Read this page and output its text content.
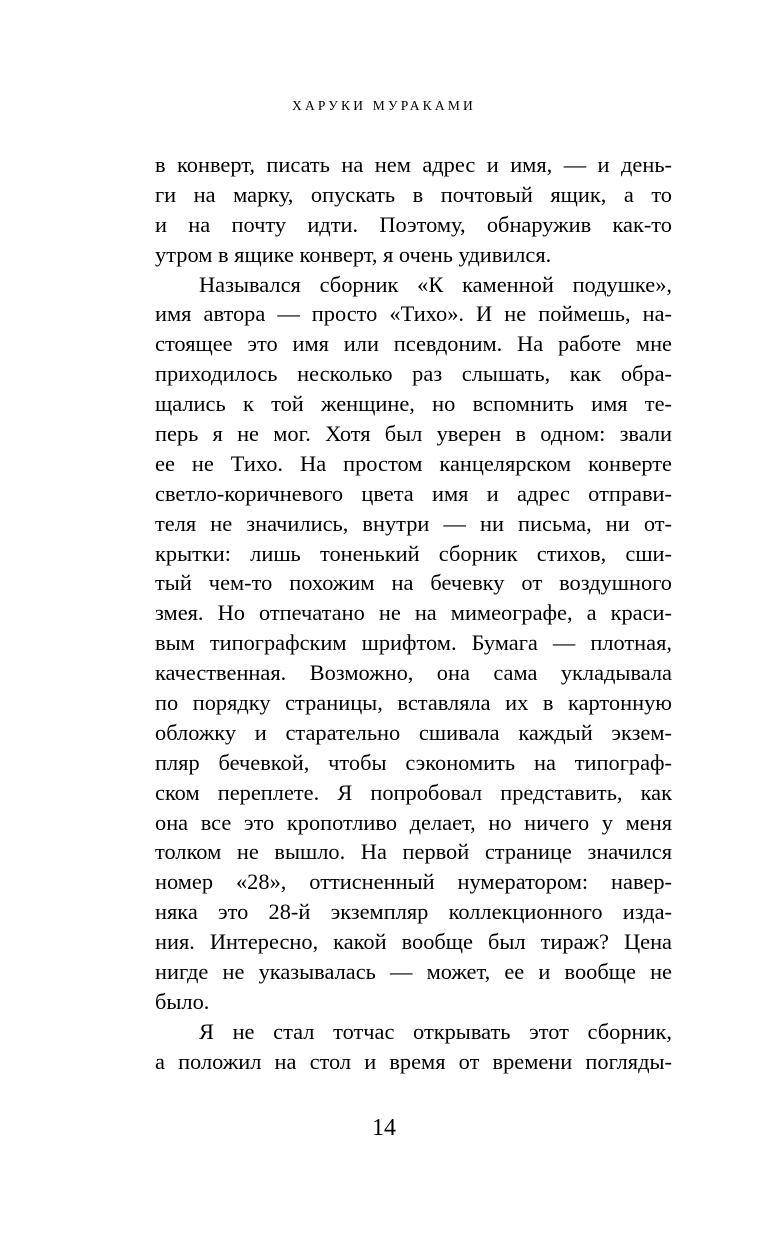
ХАРУКИ МУРАКАМИ
в конверт, писать на нем адрес и имя, — и день-
ги на марку, опускать в почтовый ящик, а то
и на почту идти. Поэтому, обнаружив как-то
утром в ящике конверт, я очень удивился.
Назывался сборник «К каменной подушке»,
имя автора — просто «Тихо». И не поймешь, на-
стоящее это имя или псевдоним. На работе мне
приходилось несколько раз слышать, как обра-
щались к той женщине, но вспомнить имя те-
перь я не мог. Хотя был уверен в одном: звали
ее не Тихо. На простом канцелярском конверте
светло-коричневого цвета имя и адрес отправи-
теля не значились, внутри — ни письма, ни от-
крытки: лишь тоненький сборник стихов, сши-
тый чем-то похожим на бечевку от воздушного
змея. Но отпечатано не на мимеографе, а краси-
вым типографским шрифтом. Бумага — плотная,
качественная. Возможно, она сама укладывала
по порядку страницы, вставляла их в картонную
обложку и старательно сшивала каждый экзем-
пляр бечевкой, чтобы сэкономить на типограф-
ском переплете. Я попробовал представить, как
она все это кропотливо делает, но ничего у меня
толком не вышло. На первой странице значился
номер «28», оттисненный нумератором: навер-
няка это 28-й экземпляр коллекционного изда-
ния. Интересно, какой вообще был тираж? Цена
нигде не указывалась — может, ее и вообще не
было.
Я не стал тотчас открывать этот сборник,
а положил на стол и время от времени погляды-
14
